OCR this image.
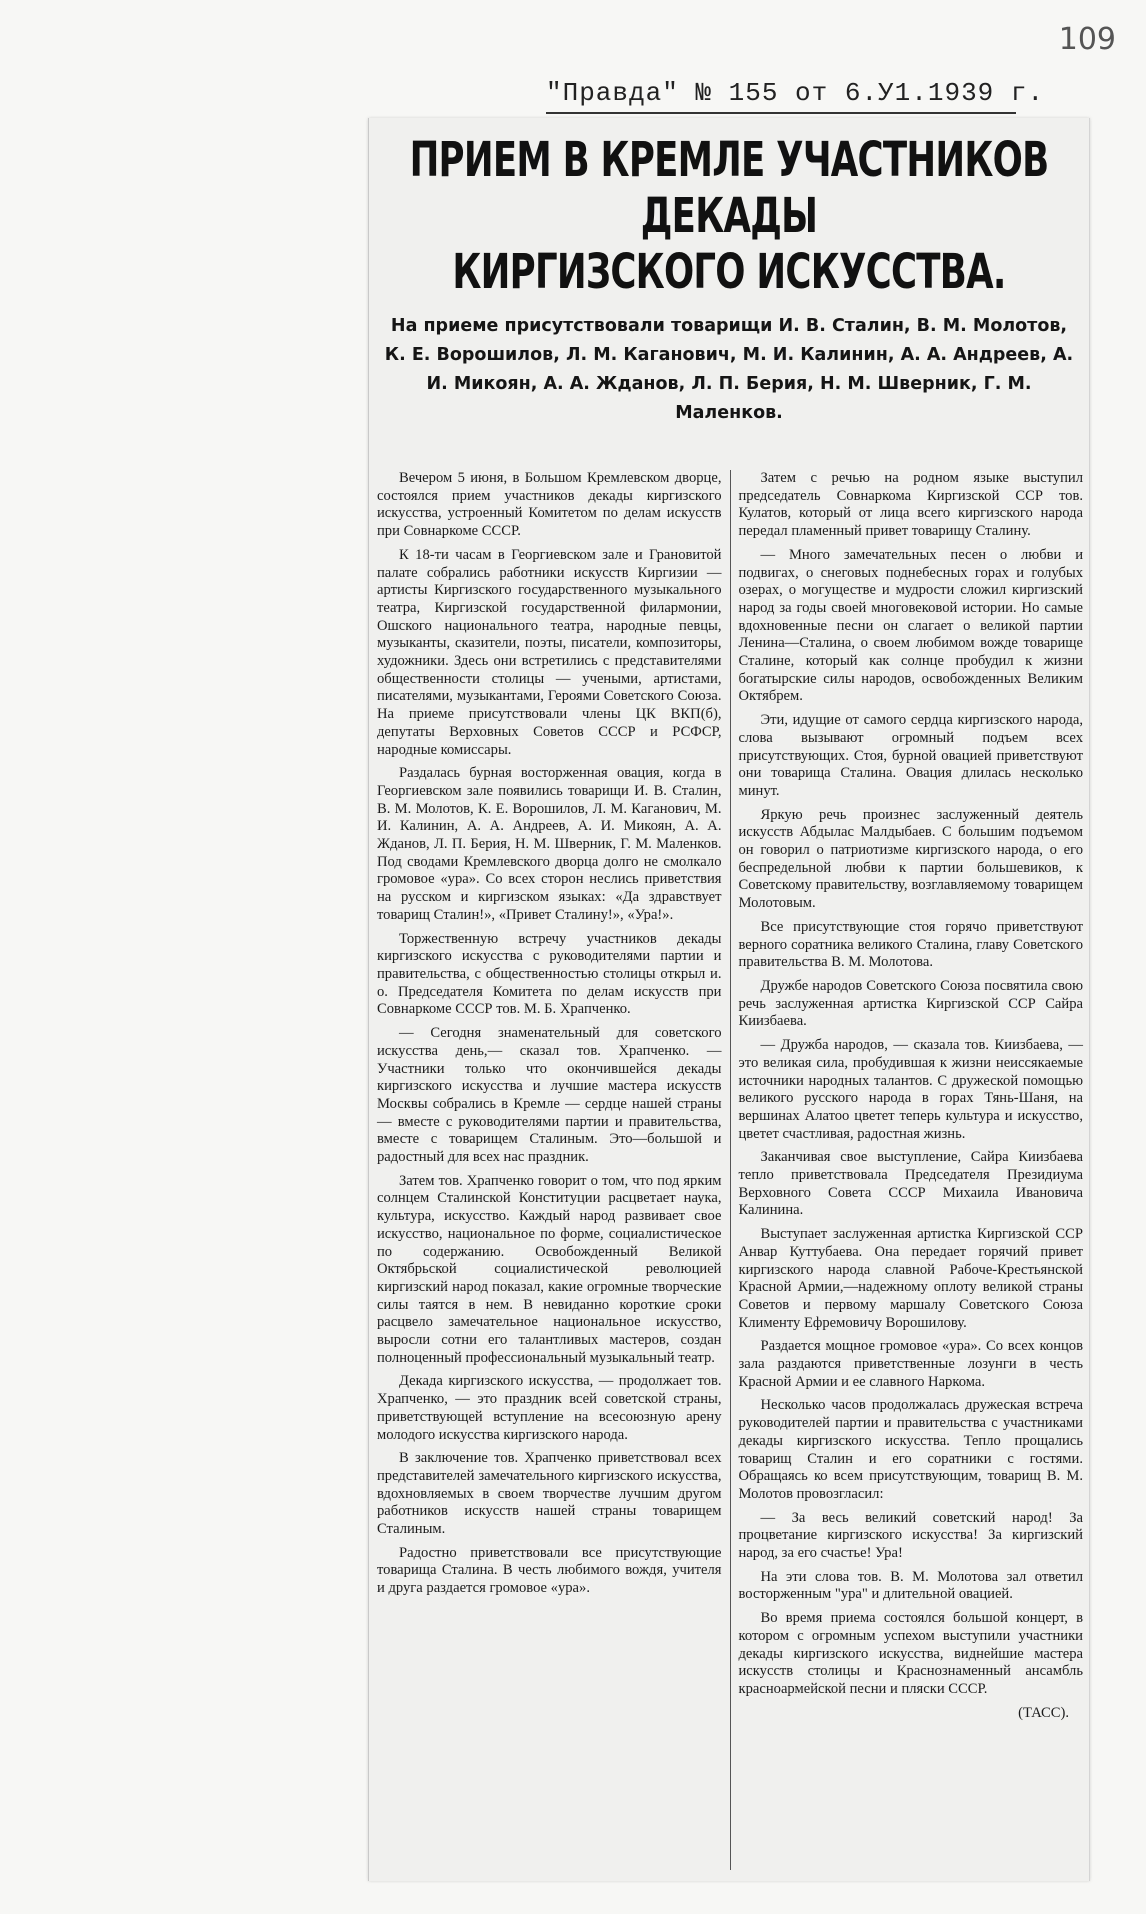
109
"Правда" № 155 от 6.У1.1939 г.
ПРИЕМ В КРЕМЛЕ УЧАСТНИКОВ ДЕКАДЫ
КИРГИЗСКОГО ИСКУССТВА.
На приеме присутствовали товарищи И. В. Сталин, В. М. Молотов, К. Е. Ворошилов, Л. М. Каганович, М. И. Калинин, А. А. Андреев, А. И. Микоян, А. А. Жданов, Л. П. Берия, Н. М. Шверник, Г. М. Маленков.

Вечером 5 июня, в Большом Кремлевском дворце, состоялся прием участников декады киргизского искусства, устроенный Комитетом по делам искусств при Совнаркоме СССР.

К 18-ти часам в Георгиевском зале и Грановитой палате собрались работники искусств Киргизии — артисты Киргизского государственного музыкального театра, Киргизской государственной филармонии, Ошского национального театра, народные певцы, музыканты, сказители, поэты, писатели, композиторы, художники. Здесь они встретились с представителями общественности столицы — учеными, артистами, писателями, музыкантами, Героями Советского Союза. На приеме присутствовали члены ЦК ВКП(б), депутаты Верховных Советов СССР и РСФСР, народные комиссары.

Раздалась бурная восторженная овация, когда в Георгиевском зале появились товарищи И. В. Сталин, В. М. Молотов, К. Е. Ворошилов, Л. М. Каганович, М. И. Калинин, А. А. Андреев, А. И. Микоян, А. А. Жданов, Л. П. Берия, Н. М. Шверник, Г. М. Маленков. Под сводами Кремлевского дворца долго не смолкало громовое «ура». Со всех сторон неслись приветствия на русском и киргизском языках: «Да здравствует товарищ Сталин!», «Привет Сталину!», «Ура!».

Торжественную встречу участников декады киргизского искусства с руководителями партии и правительства, с общественностью столицы открыл и. о. Председателя Комитета по делам искусств при Совнаркоме СССР тов. М. Б. Храпченко.

— Сегодня знаменательный для советского искусства день,— сказал тов. Храпченко. — Участники только что окончившейся декады киргизского искусства и лучшие мастера искусств Москвы собрались в Кремле — сердце нашей страны — вместе с руководителями партии и правительства, вместе с товарищем Сталиным. Это—большой и радостный для всех нас праздник.

Затем тов. Храпченко говорит о том, что под ярким солнцем Сталинской Конституции расцветает наука, культура, искусство. Каждый народ развивает свое искусство, национальное по форме, социалистическое по содержанию. Освобожденный Великой Октябрьской социалистической революцией киргизский народ показал, какие огромные творческие силы таятся в нем. В невиданно короткие сроки расцвело замечательное национальное искусство, выросли сотни его талантливых мастеров, создан полноценный профессиональный музыкальный театр.

Декада киргизского искусства, — продолжает тов. Храпченко, — это праздник всей советской страны, приветствующей вступление на всесоюзную арену молодого искусства киргизского народа.

В заключение тов. Храпченко приветствовал всех представителей замечательного киргизского искусства, вдохновляемых в своем творчестве лучшим другом работников искусств нашей страны товарищем Сталиным.

Радостно приветствовали все присутствующие товарища Сталина. В честь любимого вождя, учителя и друга раздается громовое «ура».

Затем с речью на родном языке выступил председатель Совнаркома Киргизской ССР тов. Кулатов, который от лица всего киргизского народа передал пламенный привет товарищу Сталину.

— Много замечательных песен о любви и подвигах, о снеговых поднебесных горах и голубых озерах, о могуществе и мудрости сложил киргизский народ за годы своей многовековой истории. Но самые вдохновенные песни он слагает о великой партии Ленина—Сталина, о своем любимом вожде товарище Сталине, который как солнце пробудил к жизни богатырские силы народов, освобожденных Великим Октябрем.

Эти, идущие от самого сердца киргизского народа, слова вызывают огромный подъем всех присутствующих. Стоя, бурной овацией приветствуют они товарища Сталина. Овация длилась несколько минут.

Яркую речь произнес заслуженный деятель искусств Абдылас Малдыбаев. С большим подъемом он говорил о патриотизме киргизского народа, о его беспредельной любви к партии большевиков, к Советскому правительству, возглавляемому товарищем Молотовым.

Все присутствующие стоя горячо приветствуют верного соратника великого Сталина, главу Советского правительства В. М. Молотова.

Дружбе народов Советского Союза посвятила свою речь заслуженная артистка Киргизской ССР Сайра Киизбаева.

— Дружба народов, — сказала тов. Киизбаева, — это великая сила, пробудившая к жизни неиссякаемые источники народных талантов. С дружеской помощью великого русского народа в горах Тянь-Шаня, на вершинах Алатоо цветет теперь культура и искусство, цветет счастливая, радостная жизнь.

Заканчивая свое выступление, Сайра Киизбаева тепло приветствовала Председателя Президиума Верховного Совета СССР Михаила Ивановича Калинина.

Выступает заслуженная артистка Киргизской ССР Анвар Куттубаева. Она передает горячий привет киргизского народа славной Рабоче-Крестьянской Красной Армии,—надежному оплоту великой страны Советов и первому маршалу Советского Союза Клименту Ефремовичу Ворошилову.

Раздается мощное громовое «ура». Со всех концов зала раздаются приветственные лозунги в честь Красной Армии и ее славного Наркома.

Несколько часов продолжалась дружеская встреча руководителей партии и правительства с участниками декады киргизского искусства. Тепло прощались товарищ Сталин и его соратники с гостями. Обращаясь ко всем присутствующим, товарищ В. М. Молотов провозгласил:

— За весь великий советский народ! За процветание киргизского искусства! За киргизский народ, за его счастье! Ура!

На эти слова тов. В. М. Молотова зал ответил восторженным "ура" и длительной овацией.

Во время приема состоялся большой концерт, в котором с огромным успехом выступили участники декады киргизского искусства, виднейшие мастера искусств столицы и Краснознаменный ансамбль красноармейской песни и пляски СССР.

(ТАСС).
